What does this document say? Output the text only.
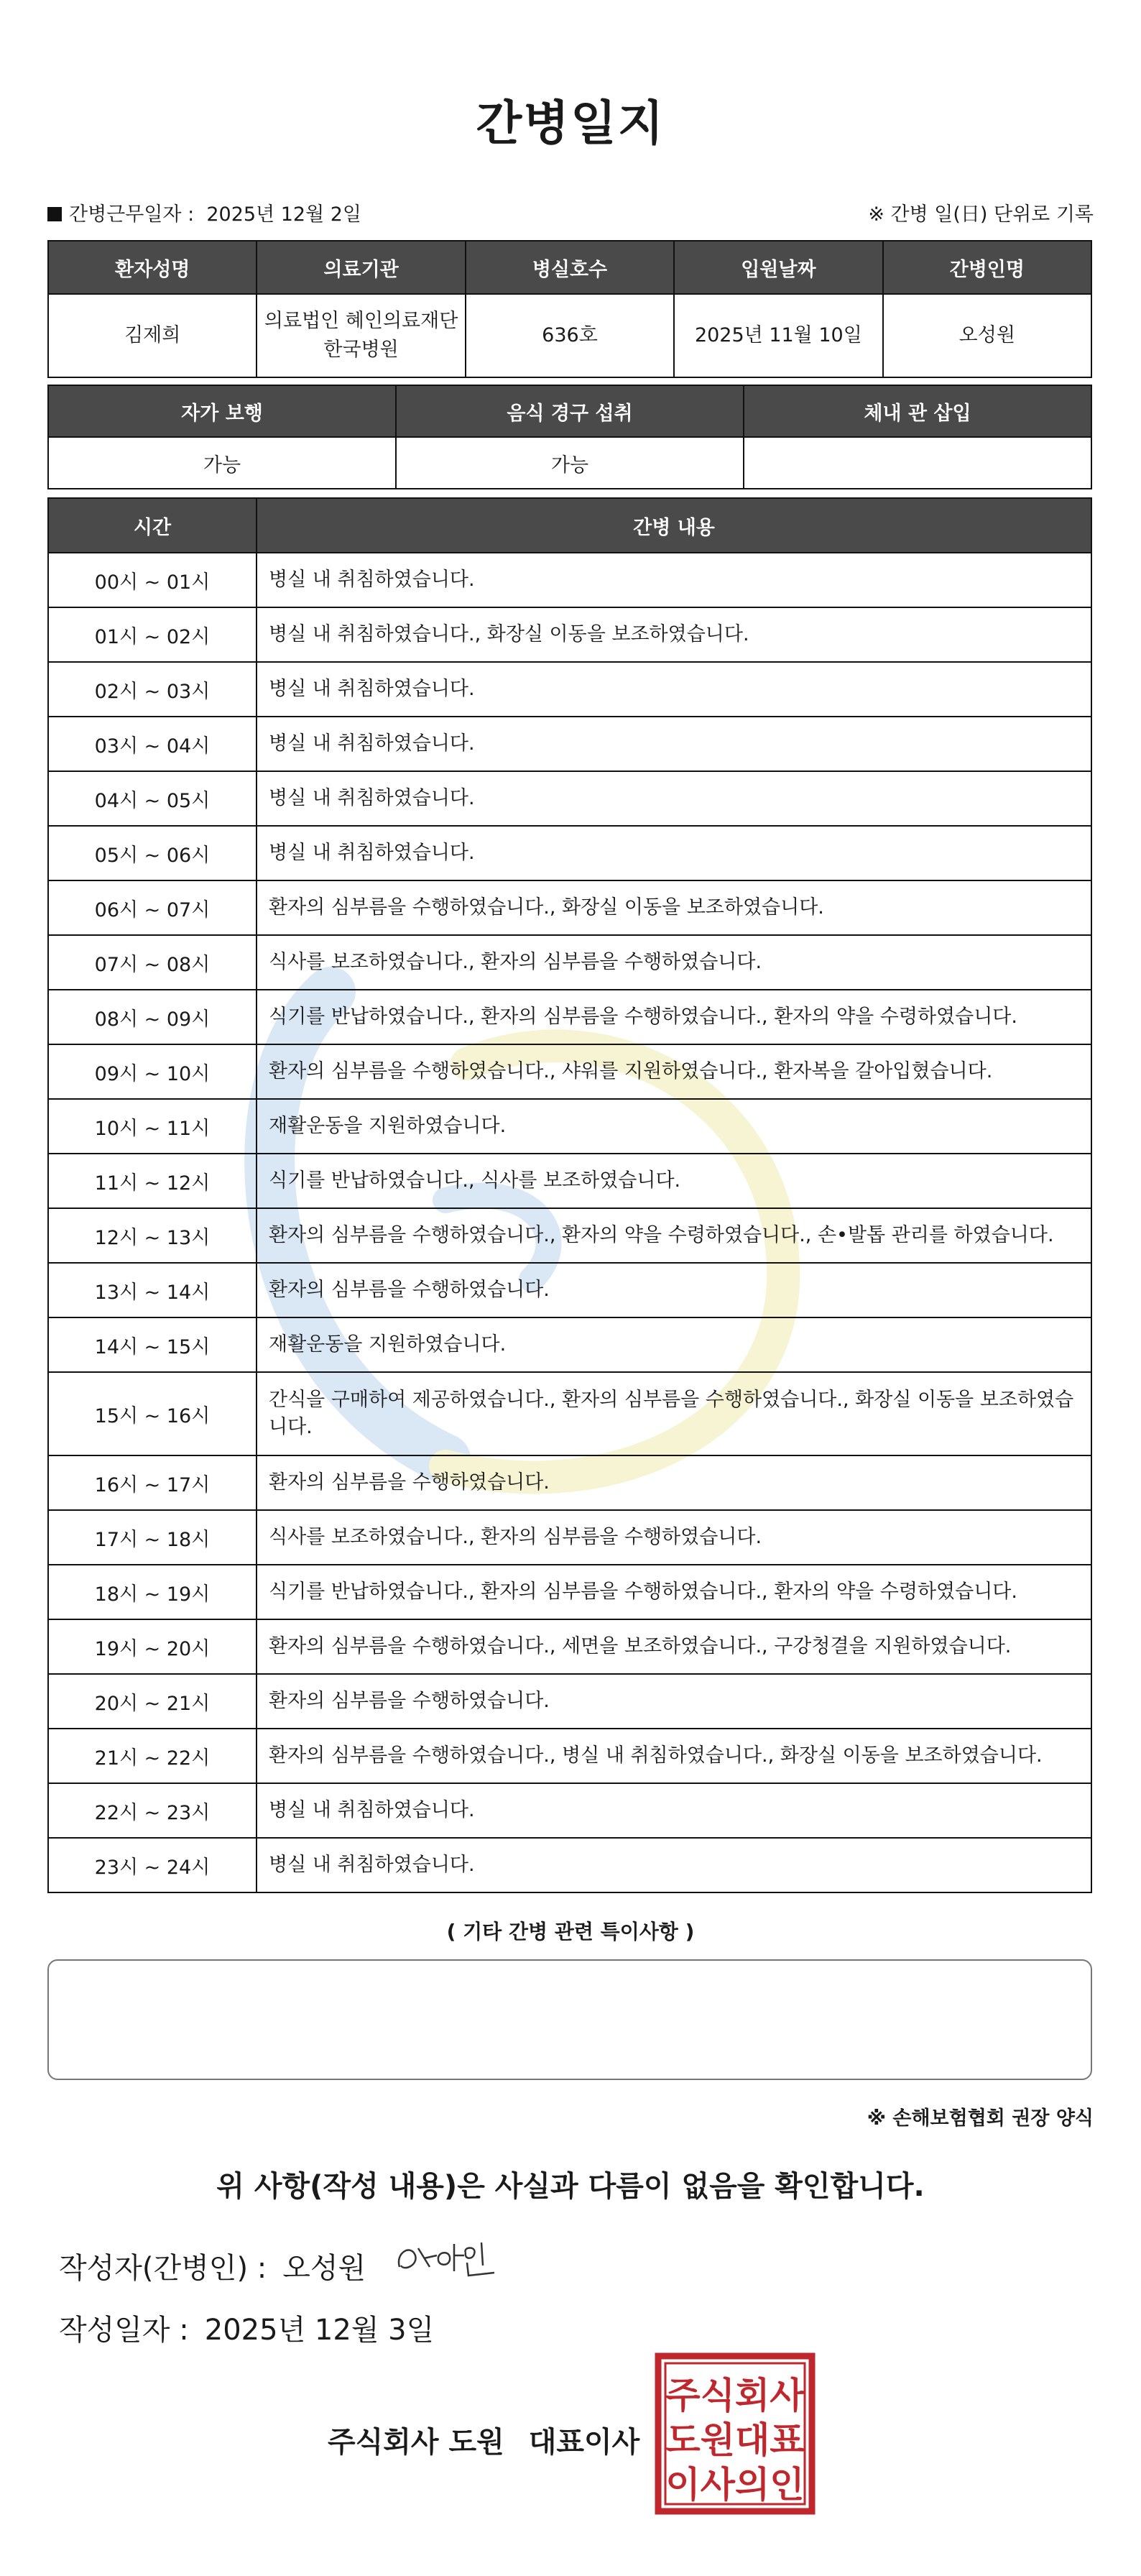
간병일지
간병근무일자 : 2025년 12월 2일	※ 간병 일(日) 단위로 기록
환자성명	의료기관	병실호수	입원날짜	간병인명
김제희	의료법인 혜인의료재단 한국병원	636호	2025년 11월 10일	오성원
자가 보행	음식 경구 섭취	체내 관 삽입
가능	가능	
시간	간병 내용
00시 ~ 01시	병실 내 취침하였습니다.
01시 ~ 02시	병실 내 취침하였습니다., 화장실 이동을 보조하였습니다.
02시 ~ 03시	병실 내 취침하였습니다.
03시 ~ 04시	병실 내 취침하였습니다.
04시 ~ 05시	병실 내 취침하였습니다.
05시 ~ 06시	병실 내 취침하였습니다.
06시 ~ 07시	환자의 심부름을 수행하였습니다., 화장실 이동을 보조하였습니다.
07시 ~ 08시	식사를 보조하였습니다., 환자의 심부름을 수행하였습니다.
08시 ~ 09시	식기를 반납하였습니다., 환자의 심부름을 수행하였습니다., 환자의 약을 수령하였습니다.
09시 ~ 10시	환자의 심부름을 수행하였습니다., 샤워를 지원하였습니다., 환자복을 갈아입혔습니다.
10시 ~ 11시	재활운동을 지원하였습니다.
11시 ~ 12시	식기를 반납하였습니다., 식사를 보조하였습니다.
12시 ~ 13시	환자의 심부름을 수행하였습니다., 환자의 약을 수령하였습니다., 손•발톱 관리를 하였습니다.
13시 ~ 14시	환자의 심부름을 수행하였습니다.
14시 ~ 15시	재활운동을 지원하였습니다.
15시 ~ 16시	간식을 구매하여 제공하였습니다., 환자의 심부름을 수행하였습니다., 화장실 이동을 보조하였습니다.
16시 ~ 17시	환자의 심부름을 수행하였습니다.
17시 ~ 18시	식사를 보조하였습니다., 환자의 심부름을 수행하였습니다.
18시 ~ 19시	식기를 반납하였습니다., 환자의 심부름을 수행하였습니다., 환자의 약을 수령하였습니다.
19시 ~ 20시	환자의 심부름을 수행하였습니다., 세면을 보조하였습니다., 구강청결을 지원하였습니다.
20시 ~ 21시	환자의 심부름을 수행하였습니다.
21시 ~ 22시	환자의 심부름을 수행하였습니다., 병실 내 취침하였습니다., 화장실 이동을 보조하였습니다.
22시 ~ 23시	병실 내 취침하였습니다.
23시 ~ 24시	병실 내 취침하였습니다.
( 기타 간병 관련 특이사항 )
※ 손해보험협회 권장 양식
위 사항(작성 내용)은 사실과 다름이 없음을 확인합니다.
작성자(간병인) : 오성원
작성일자 : 2025년 12월 3일
주식회사 도원 대표이사
주식회사
도원대표
이사의인
